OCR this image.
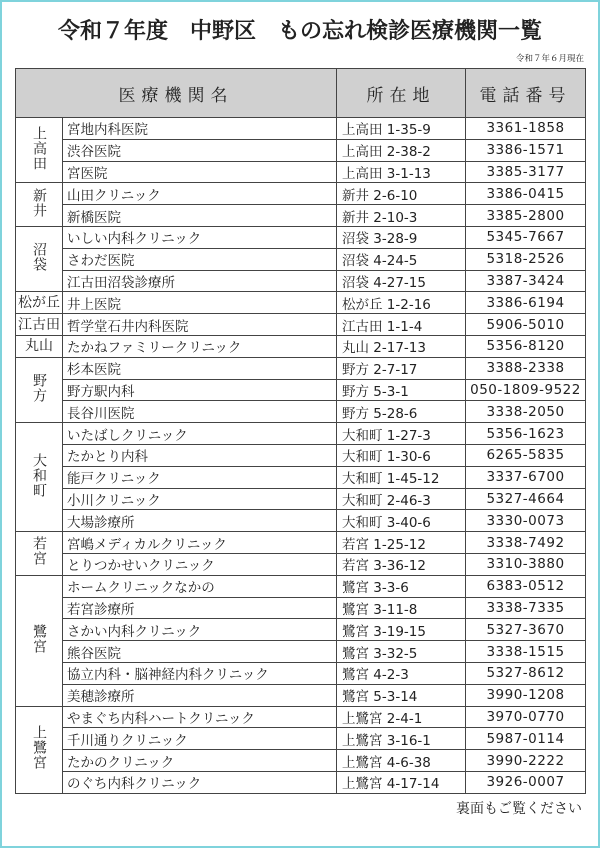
令和７年度　中野区　もの忘れ検診医療機関一覧
令和７年６月現在
医療機関名		所在地	電話番号
上高田	宮地内科医院	上高田 1-35-9	3361-1858
	渋谷医院	上高田 2-38-2	3386-1571
	宮医院	上高田 3-1-13	3385-3177
新井	山田クリニック	新井 2-6-10	3386-0415
	新橋医院	新井 2-10-3	3385-2800
沼袋	いしい内科クリニック	沼袋 3-28-9	5345-7667
	さわだ医院	沼袋 4-24-5	5318-2526
	江古田沼袋診療所	沼袋 4-27-15	3387-3424
松が丘	井上医院	松が丘 1-2-16	3386-6194
江古田	哲学堂石井内科医院	江古田 1-1-4	5906-5010
丸山	たかねファミリークリニック	丸山 2-17-13	5356-8120
野方	杉本医院	野方 2-7-17	3388-2338
	野方駅内科	野方 5-3-1	050-1809-9522
	長谷川医院	野方 5-28-6	3338-2050
大和町	いたばしクリニック	大和町 1-27-3	5356-1623
	たかとり内科	大和町 1-30-6	6265-5835
	能戸クリニック	大和町 1-45-12	3337-6700
	小川クリニック	大和町 2-46-3	5327-4664
	大場診療所	大和町 3-40-6	3330-0073
若宮	宮嶋メディカルクリニック	若宮 1-25-12	3338-7492
	とりつかせいクリニック	若宮 3-36-12	3310-3880
鷺宮	ホームクリニックなかの	鷺宮 3-3-6	6383-0512
	若宮診療所	鷺宮 3-11-8	3338-7335
	さかい内科クリニック	鷺宮 3-19-15	5327-3670
	熊谷医院	鷺宮 3-32-5	3338-1515
	協立内科・脳神経内科クリニック	鷺宮 4-2-3	5327-8612
	美穂診療所	鷺宮 5-3-14	3990-1208
上鷺宮	やまぐち内科ハートクリニック	上鷺宮 2-4-1	3970-0770
	千川通りクリニック	上鷺宮 3-16-1	5987-0114
	たかのクリニック	上鷺宮 4-6-38	3990-2222
	のぐち内科クリニック	上鷺宮 4-17-14	3926-0007
裏面もご覧ください
